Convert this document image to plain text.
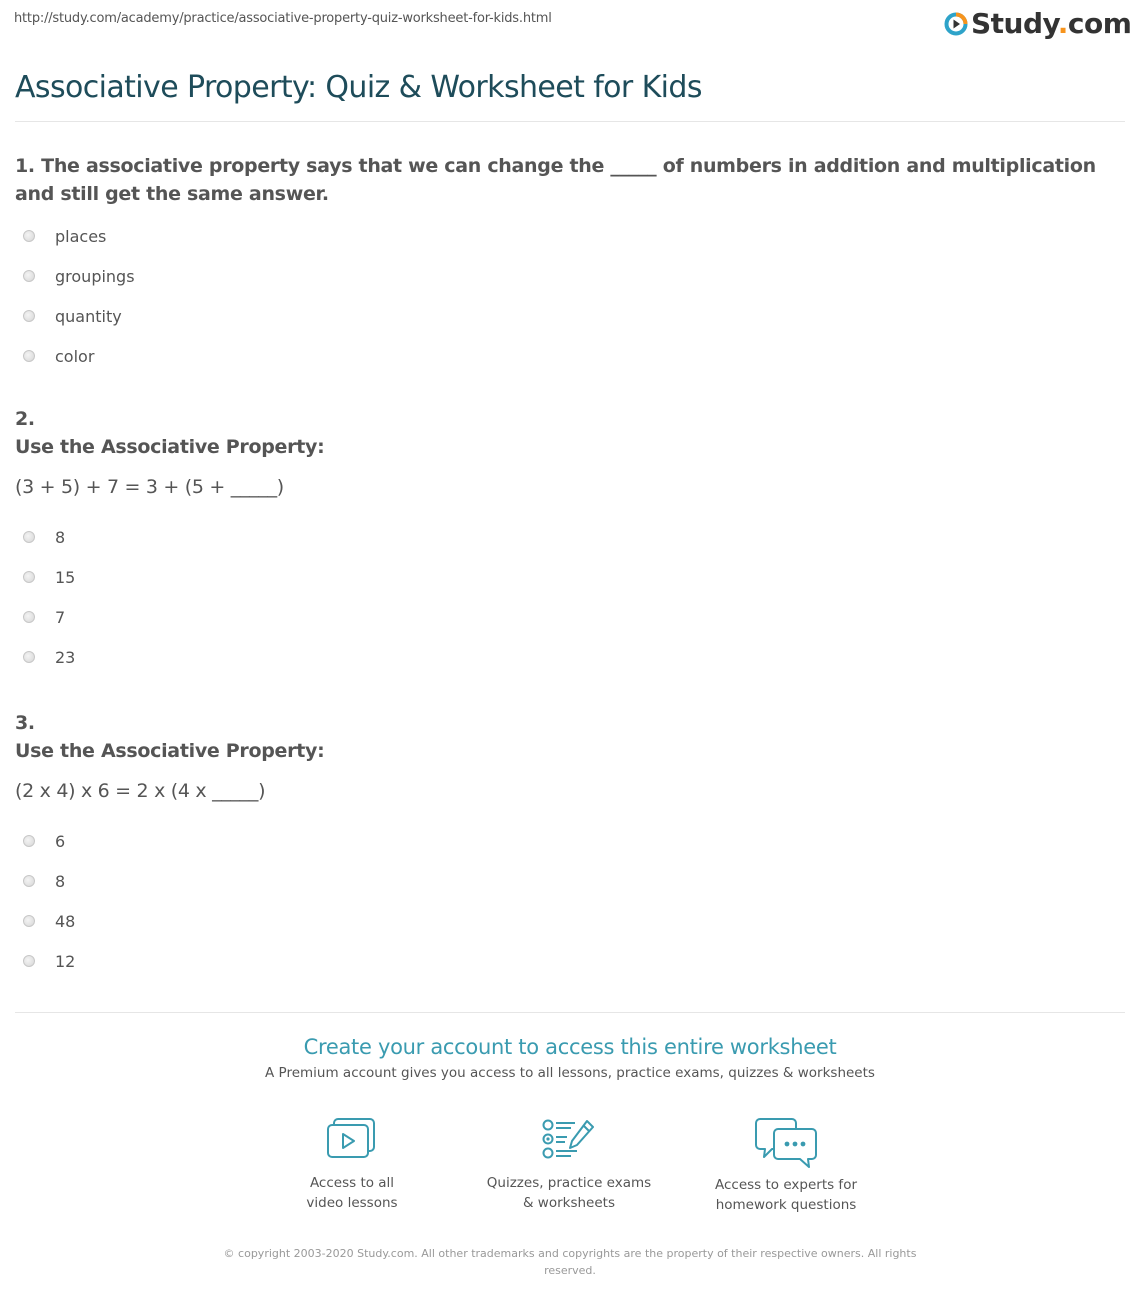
http://study.com/academy/practice/associative-property-quiz-worksheet-for-kids.html	Study.com
Associative Property: Quiz & Worksheet for Kids
1. The associative property says that we can change the _____ of numbers in addition and multiplication and still get the same answer.
places
groupings
quantity
color
2.
Use the Associative Property:
(3 + 5) + 7 = 3 + (5 + _____)
8
15
7
23
3.
Use the Associative Property:
(2 x 4) x 6 = 2 x (4 x _____)
6
8
48
12
Create your account to access this entire worksheet
A Premium account gives you access to all lessons, practice exams, quizzes & worksheets
Access to all
video lessons
Quizzes, practice exams
& worksheets
Access to experts for
homework questions
© copyright 2003-2020 Study.com. All other trademarks and copyrights are the property of their respective owners. All rights reserved.
